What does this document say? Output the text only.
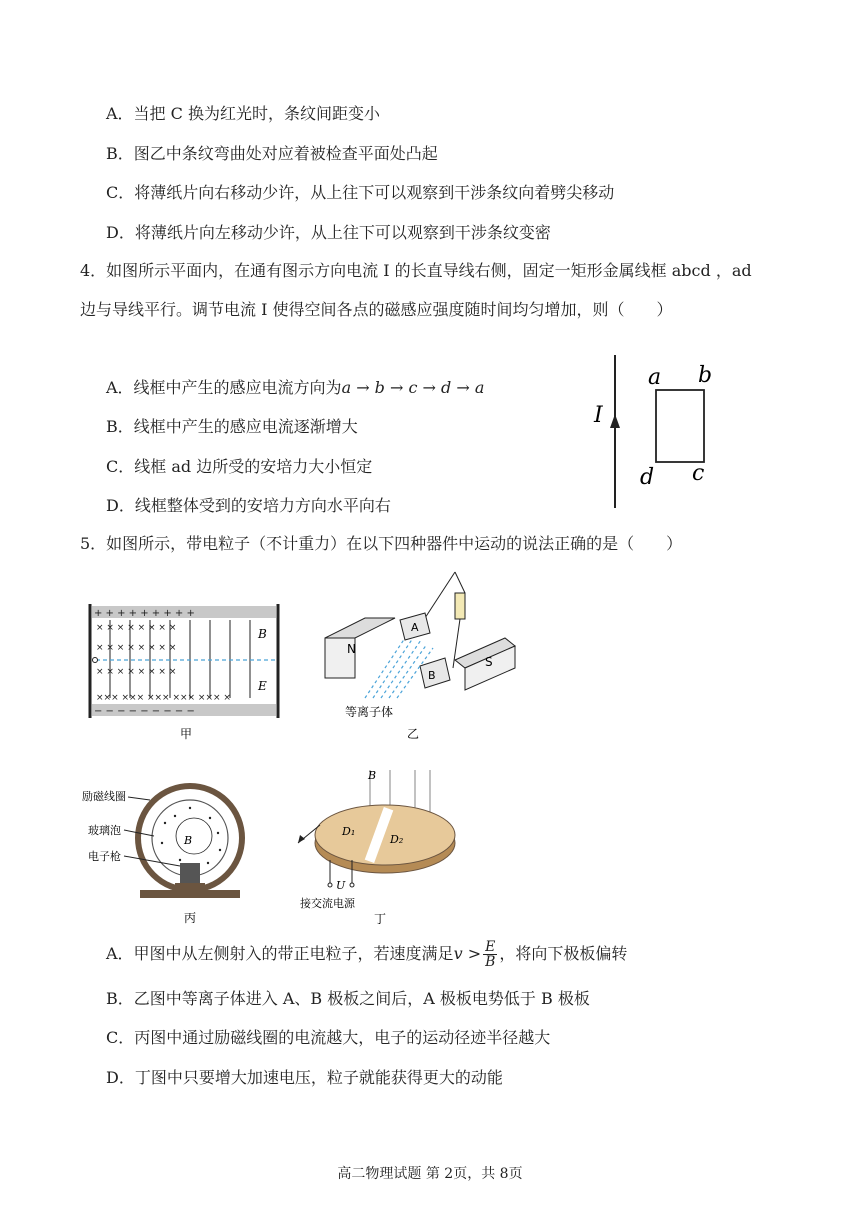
A．当把 C 换为红光时，条纹间距变小
B．图乙中条纹弯曲处对应着被检查平面处凸起
C．将薄纸片向右移动少许，从上往下可以观察到干涉条纹向着劈尖移动
D．将薄纸片向左移动少许，从上往下可以观察到干涉条纹变密
4．如图所示平面内，在通有图示方向电流 I 的长直导线右侧，固定一矩形金属线框 abcd ，ad
边与导线平行。调节电流 I 使得空间各点的磁感应强度随时间均匀增加，则（　　）
A．线框中产生的感应电流方向为a → b → c → d → a
B．线框中产生的感应电流逐渐增大
C．线框 ad 边所受的安培力大小恒定
D．线框整体受到的安培力方向水平向右
I
a b
c
d
5．如图所示，带电粒子（不计重力）在以下四种器件中运动的说法正确的是（　　）
+ + + + + + + + +
− − − − − − − − −
× × × × × × × ×
× × × × × × × ×
× × × × × × × ×
××× ××× ××× ××× ××× ×
B
E
甲
N
A
B
S
等离子体
乙
B
励磁线圈
玻璃泡
电子枪
丙
B
D₁
D₂
U
接交流电源
丁
A．甲图中从左侧射入的带正电粒子，若速度满足$v > \frac{E}{B}$ ，将向下极板偏转
B．乙图中等离子体进入 A、B 极板之间后，A 极板电势低于 B 极板
C．丙图中通过励磁线圈的电流越大，电子的运动径迹半径越大
D．丁图中只要增大加速电压，粒子就能获得更大的动能
高二物理试题 第 2页，共 8页
